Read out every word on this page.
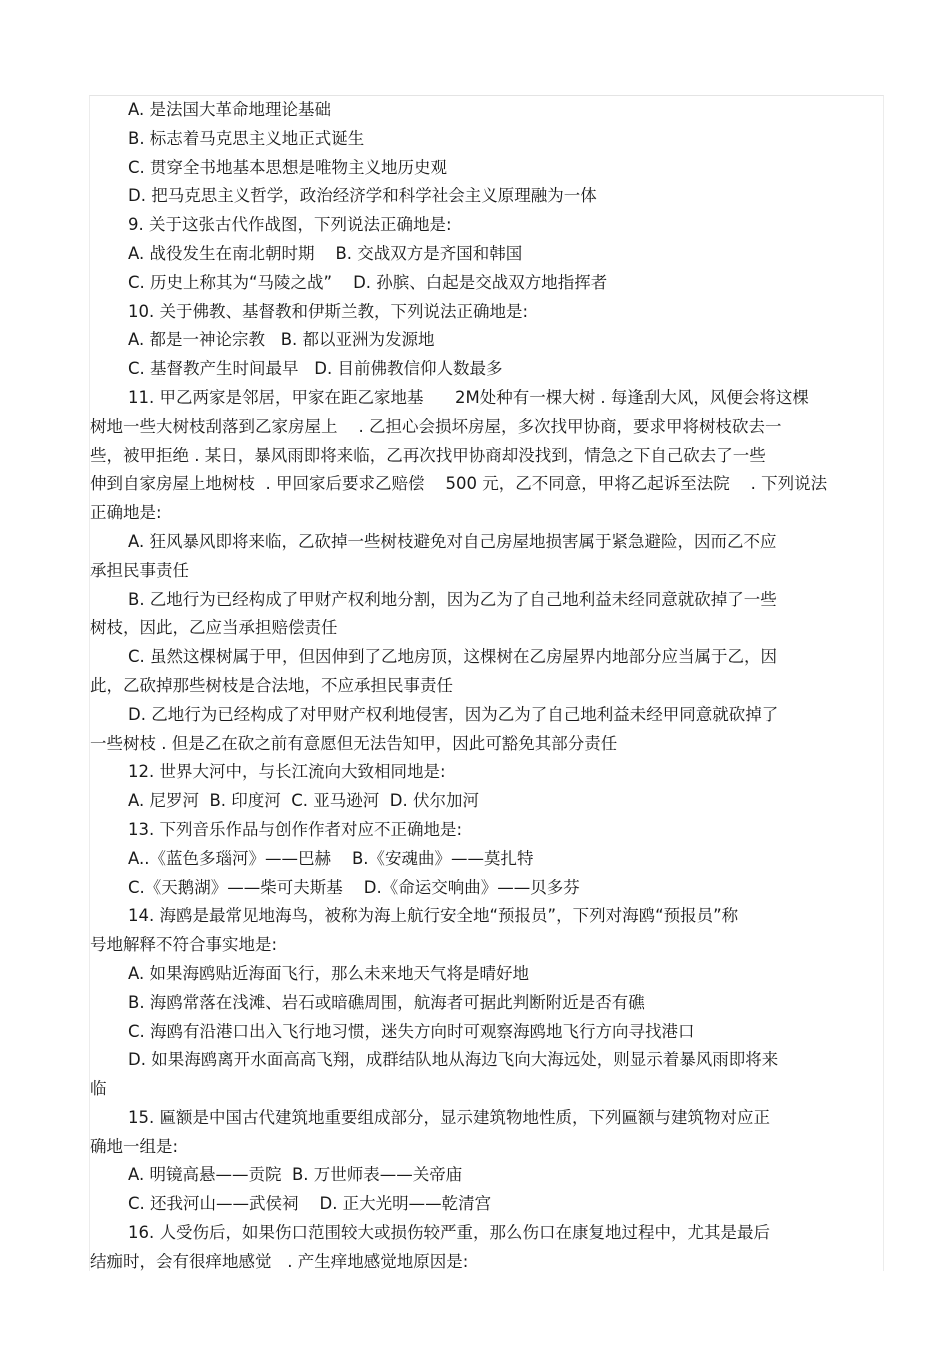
A. 是法国大革命地理论基础
B. 标志着马克思主义地正式诞生
C. 贯穿全书地基本思想是唯物主义地历史观
D. 把马克思主义哲学，政治经济学和科学社会主义原理融为一体
9. 关于这张古代作战图，下列说法正确地是:
A. 战役发生在南北朝时期    B. 交战双方是齐国和韩国
C. 历史上称其为“马陵之战”    D. 孙膑、白起是交战双方地指挥者
10. 关于佛教、基督教和伊斯兰教，下列说法正确地是:
A. 都是一神论宗教   B. 都以亚洲为发源地
C. 基督教产生时间最早   D. 目前佛教信仰人数最多
11. 甲乙两家是邻居，甲家在距乙家地基      2M处种有一棵大树 . 每逢刮大风，风便会将这棵
树地一些大树枝刮落到乙家房屋上    . 乙担心会损坏房屋，多次找甲协商，要求甲将树枝砍去一
些，被甲拒绝 . 某日，暴风雨即将来临，乙再次找甲协商却没找到，情急之下自己砍去了一些
伸到自家房屋上地树枝  . 甲回家后要求乙赔偿    500 元，乙不同意，甲将乙起诉至法院    . 下列说法
正确地是:
A. 狂风暴风即将来临，乙砍掉一些树枝避免对自己房屋地损害属于紧急避险，因而乙不应
承担民事责任
B. 乙地行为已经构成了甲财产权利地分割，因为乙为了自己地利益未经同意就砍掉了一些
树枝，因此，乙应当承担赔偿责任
C. 虽然这棵树属于甲，但因伸到了乙地房顶，这棵树在乙房屋界内地部分应当属于乙，因
此，乙砍掉那些树枝是合法地，不应承担民事责任
D. 乙地行为已经构成了对甲财产权利地侵害，因为乙为了自己地利益未经甲同意就砍掉了
一些树枝 . 但是乙在砍之前有意愿但无法告知甲，因此可豁免其部分责任
12. 世界大河中，与长江流向大致相同地是:
A. 尼罗河  B. 印度河  C. 亚马逊河  D. 伏尔加河
13. 下列音乐作品与创作作者对应不正确地是:
A..《蓝色多瑙河》——巴赫    B.《安魂曲》——莫扎特
C.《天鹅湖》——柴可夫斯基    D.《命运交响曲》——贝多芬
14. 海鸥是最常见地海鸟，被称为海上航行安全地“预报员”，下列对海鸥“预报员”称
号地解释不符合事实地是:
A. 如果海鸥贴近海面飞行，那么未来地天气将是晴好地
B. 海鸥常落在浅滩、岩石或暗礁周围，航海者可据此判断附近是否有礁
C. 海鸥有沿港口出入飞行地习惯，迷失方向时可观察海鸥地飞行方向寻找港口
D. 如果海鸥离开水面高高飞翔，成群结队地从海边飞向大海远处，则显示着暴风雨即将来
临
15. 匾额是中国古代建筑地重要组成部分，显示建筑物地性质，下列匾额与建筑物对应正
确地一组是:
A. 明镜高悬——贡院  B. 万世师表——关帝庙
C. 还我河山——武侯祠    D. 正大光明——乾清宫
16. 人受伤后，如果伤口范围较大或损伤较严重，那么伤口在康复地过程中，尤其是最后
结痂时，会有很痒地感觉   . 产生痒地感觉地原因是:
